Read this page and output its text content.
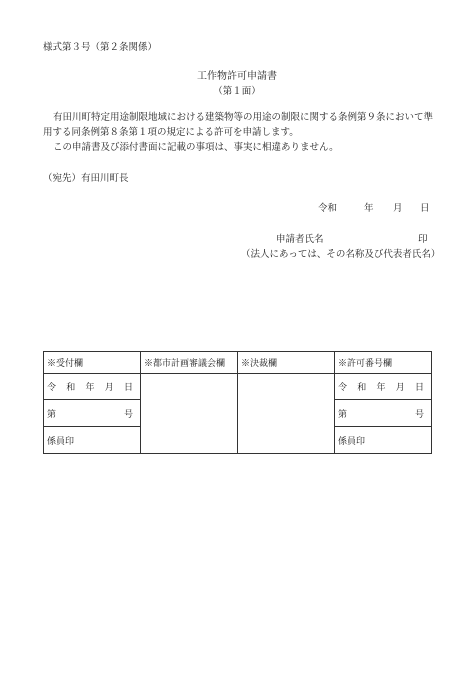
様式第３号（第２条関係）
工作物許可申請書
（第１面）
有田川町特定用途制限地域における建築物等の用途の制限に関する条例第９条において準
用する同条例第８条第１項の規定による許可を申請します。
この申請書及び添付書面に記載の事項は、事実に相違ありません。
（宛先）有田川町長
令和	年 月 日
申請者氏名	印
（法人にあっては、その名称及び代表者氏名）
※受付欄	※都市計画審議会欄	※決裁欄	※許可番号欄

令 和 年 月 日			令 和 年 月 日

第 号			第 号

係員印			係員印
